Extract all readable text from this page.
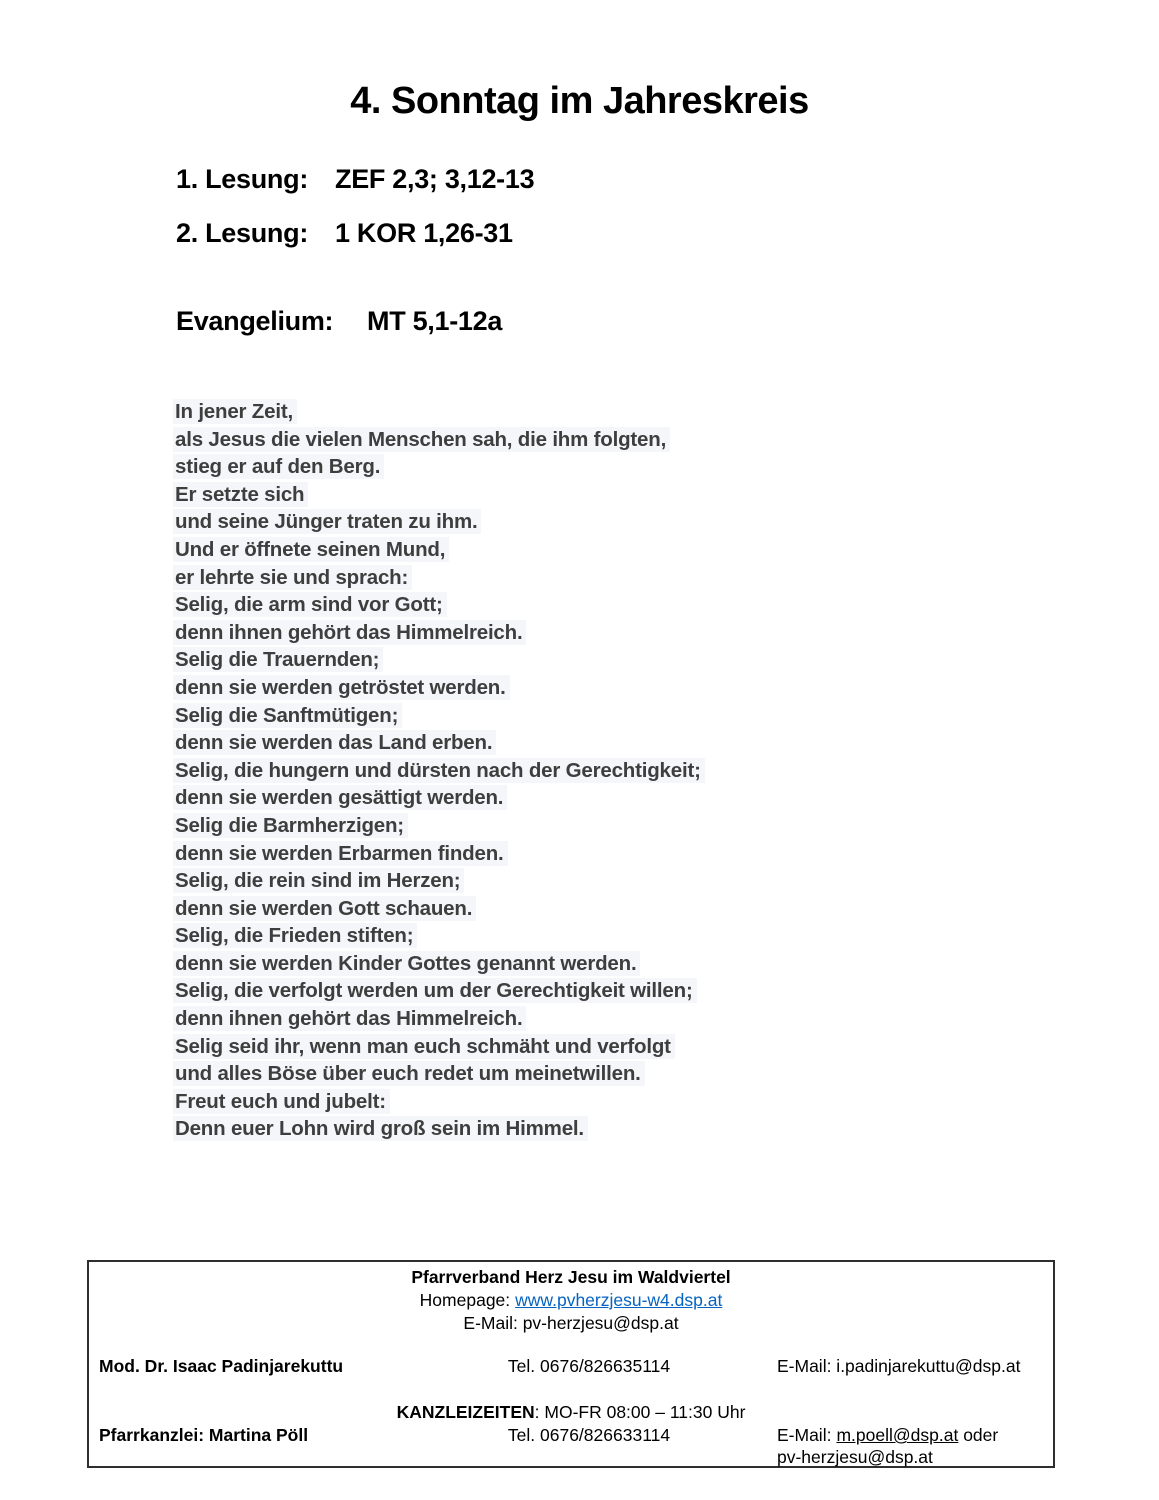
4. Sonntag im Jahreskreis
1. Lesung: ZEF 2,3; 3,12-13
2. Lesung: 1 KOR 1,26-31
Evangelium: MT 5,1-12a
In jener Zeit,
als Jesus die vielen Menschen sah, die ihm folgten,
stieg er auf den Berg.
Er setzte sich
und seine Jünger traten zu ihm.
Und er öffnete seinen Mund,
er lehrte sie und sprach:
Selig, die arm sind vor Gott;
denn ihnen gehört das Himmelreich.
Selig die Trauernden;
denn sie werden getröstet werden.
Selig die Sanftmütigen;
denn sie werden das Land erben.
Selig, die hungern und dürsten nach der Gerechtigkeit;
denn sie werden gesättigt werden.
Selig die Barmherzigen;
denn sie werden Erbarmen finden.
Selig, die rein sind im Herzen;
denn sie werden Gott schauen.
Selig, die Frieden stiften;
denn sie werden Kinder Gottes genannt werden.
Selig, die verfolgt werden um der Gerechtigkeit willen;
denn ihnen gehört das Himmelreich.
Selig seid ihr, wenn man euch schmäht und verfolgt
und alles Böse über euch redet um meinetwillen.
Freut euch und jubelt:
Denn euer Lohn wird groß sein im Himmel.
Pfarrverband Herz Jesu im Waldviertel
Homepage: www.pvherzjesu-w4.dsp.at
E-Mail: pv-herzjesu@dsp.at
Mod. Dr. Isaac Padinjarekuttu	Tel. 0676/826635114	E-Mail: i.padinjarekuttu@dsp.at
KANZLEIZEITEN: MO-FR 08:00 – 11:30 Uhr
Pfarrkanzlei: Martina Pöll	Tel. 0676/826633114	E-Mail: m.poell@dsp.at oder
pv-herzjesu@dsp.at
